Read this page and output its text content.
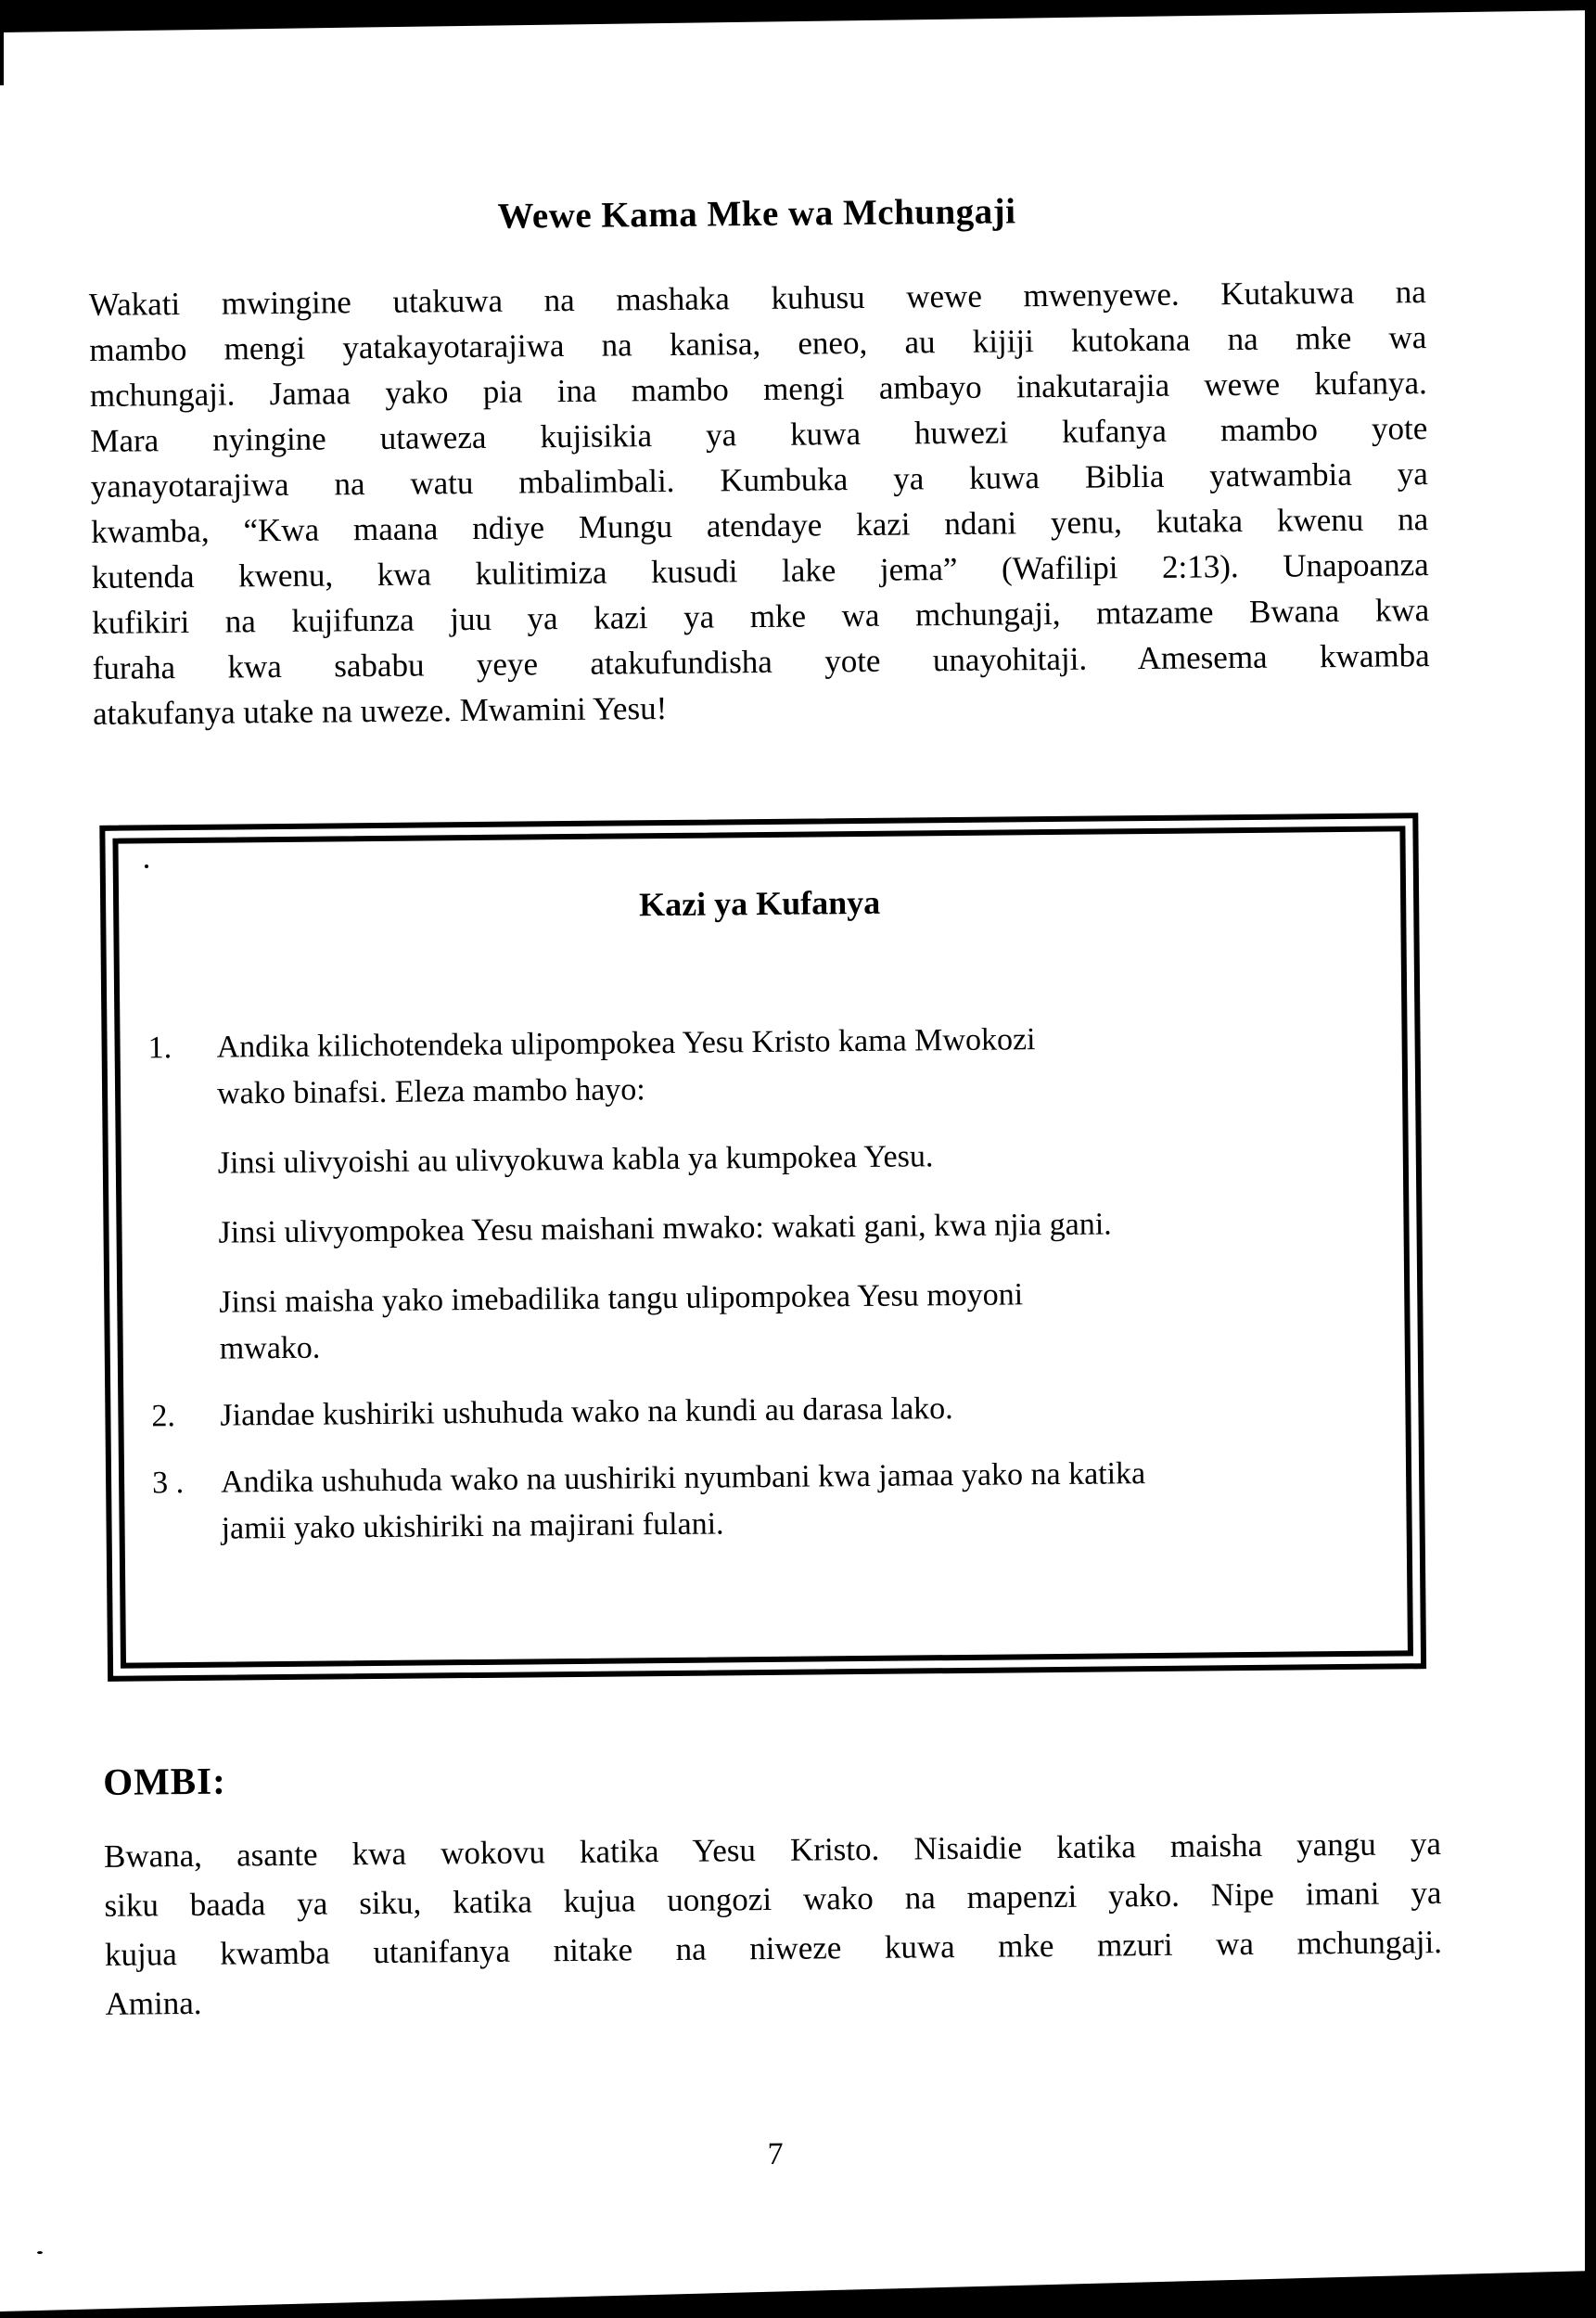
Wewe Kama Mke wa Mchungaji
Wakati mwingine utakuwa na mashaka kuhusu wewe mwenyewe. Kutakuwa na
mambo mengi yatakayotarajiwa na kanisa, eneo, au kijiji kutokana na mke wa
mchungaji. Jamaa yako pia ina mambo mengi ambayo inakutarajia wewe kufanya.
Mara nyingine utaweza kujisikia ya kuwa huwezi kufanya mambo yote
yanayotarajiwa na watu mbalimbali. Kumbuka ya kuwa Biblia yatwambia ya
kwamba, “Kwa maana ndiye Mungu atendaye kazi ndani yenu, kutaka kwenu na
kutenda kwenu, kwa kulitimiza kusudi lake jema” (Wafilipi 2:13). Unapoanza
kufikiri na kujifunza juu ya kazi ya mke wa mchungaji, mtazame Bwana kwa
furaha kwa sababu yeye atakufundisha yote unayohitaji. Amesema kwamba
atakufanya utake na uweze. Mwamini Yesu!
Kazi ya Kufanya
1.	Andika kilichotendeka ulipompokea Yesu Kristo kama Mwokozi
wako binafsi. Eleza mambo hayo:
Jinsi ulivyoishi au ulivyokuwa kabla ya kumpokea Yesu.
Jinsi ulivyompokea Yesu maishani mwako: wakati gani, kwa njia gani.
Jinsi maisha yako imebadilika tangu ulipompokea Yesu moyoni
mwako.
2.	Jiandae kushiriki ushuhuda wako na kundi au darasa lako.
3 .	Andika ushuhuda wako na uushiriki nyumbani kwa jamaa yako na katika
jamii yako ukishiriki na majirani fulani.
OMBI:
Bwana, asante kwa wokovu katika Yesu Kristo. Nisaidie katika maisha yangu ya
siku baada ya siku, katika kujua uongozi wako na mapenzi yako. Nipe imani ya
kujua kwamba utanifanya nitake na niweze kuwa mke mzuri wa mchungaji.
Amina.
7
